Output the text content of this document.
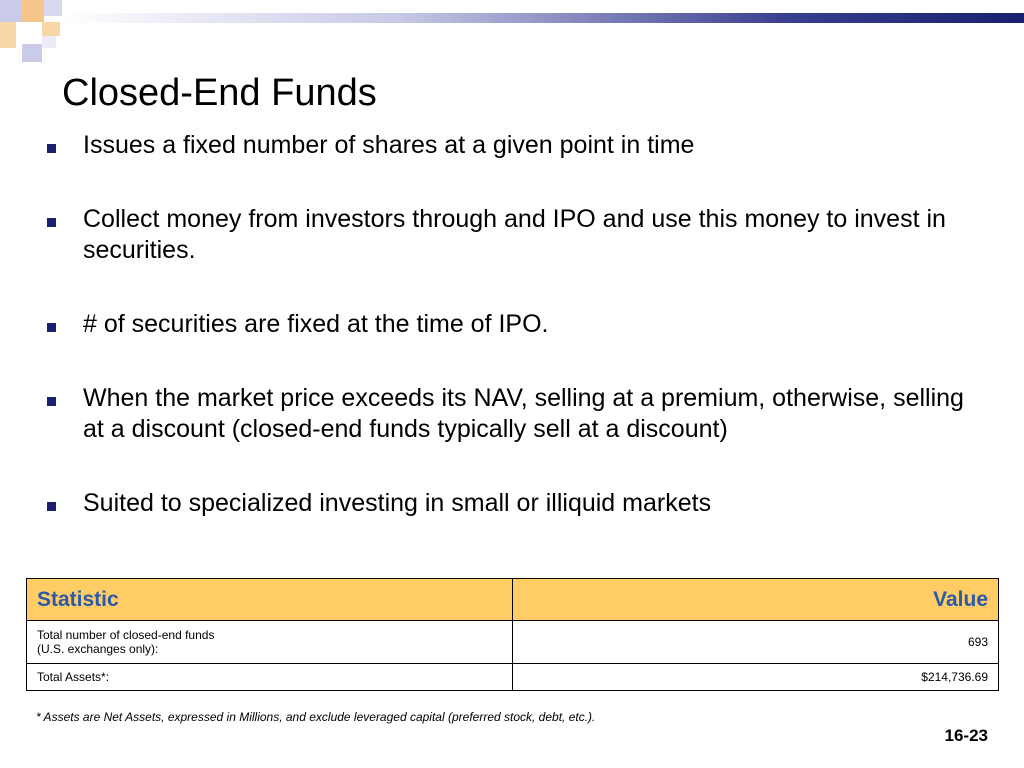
Closed-End Funds
Issues a fixed number of shares at a given point in time
Collect money from investors through and IPO and use this money to invest in securities.
# of securities are fixed at the time of IPO.
When the market price exceeds its NAV, selling at a premium, otherwise, selling at a discount (closed-end funds typically sell at a discount)
Suited to specialized investing in small or illiquid markets
Statistic	Value
Total number of closed-end funds
(U.S. exchanges only):	693
Total Assets*:	$214,736.69
* Assets are Net Assets, expressed in Millions, and exclude leveraged capital (preferred stock, debt, etc.).
16-23
